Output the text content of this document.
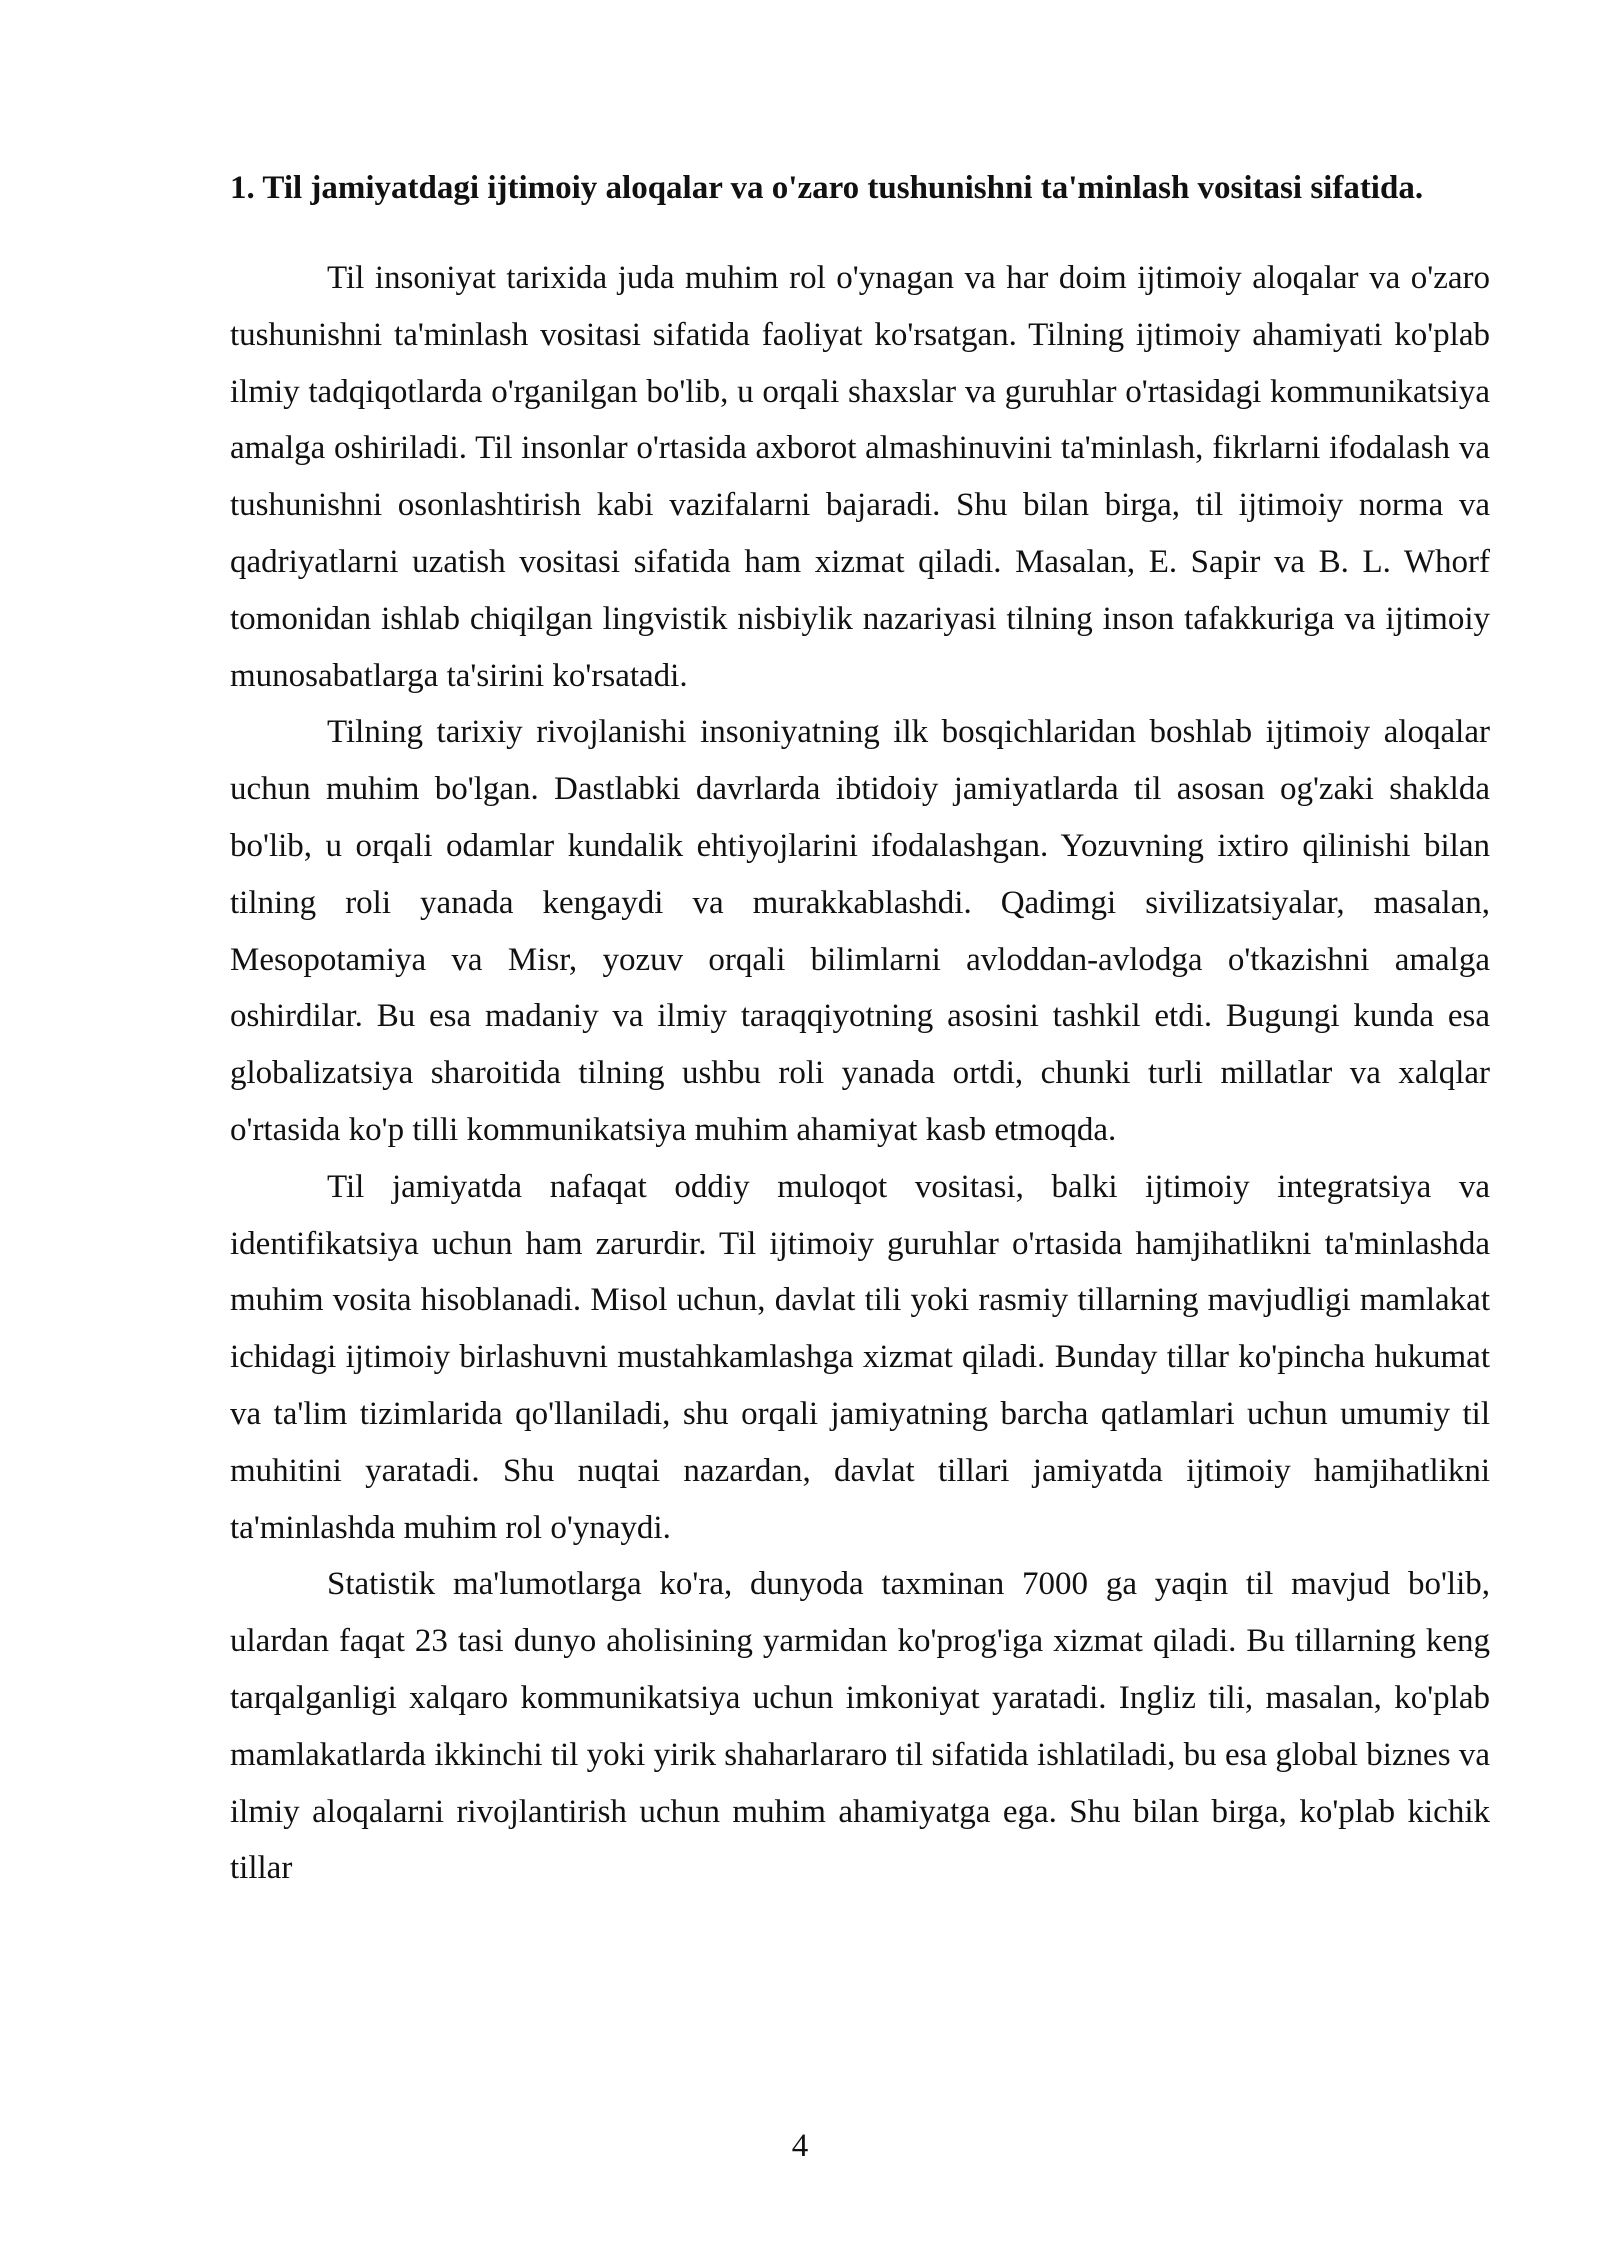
1. Til jamiyatdagi ijtimoiy aloqalar va o'zaro tushunishni ta'minlash vositasi sifatida.

Til insoniyat tarixida juda muhim rol o'ynagan va har doim ijtimoiy aloqalar va o'zaro tushunishni ta'minlash vositasi sifatida faoliyat ko'rsatgan. Tilning ijtimoiy ahamiyati ko'plab ilmiy tadqiqotlarda o'rganilgan bo'lib, u orqali shaxslar va guruhlar o'rtasidagi kommunikatsiya amalga oshiriladi. Til insonlar o'rtasida axborot almashinuvini ta'minlash, fikrlarni ifodalash va tushunishni osonlashtirish kabi vazifalarni bajaradi. Shu bilan birga, til ijtimoiy norma va qadriyatlarni uzatish vositasi sifatida ham xizmat qiladi. Masalan, E. Sapir va B. L. Whorf tomonidan ishlab chiqilgan lingvistik nisbiylik nazariyasi tilning inson tafakkuriga va ijtimoiy munosabatlarga ta'sirini ko'rsatadi.

Tilning tarixiy rivojlanishi insoniyatning ilk bosqichlaridan boshlab ijtimoiy aloqalar uchun muhim bo'lgan. Dastlabki davrlarda ibtidoiy jamiyatlarda til asosan og'zaki shaklda bo'lib, u orqali odamlar kundalik ehtiyojlarini ifodalashgan. Yozuvning ixtiro qilinishi bilan tilning roli yanada kengaydi va murakkablashdi. Qadimgi sivilizatsiyalar, masalan, Mesopotamiya va Misr, yozuv orqali bilimlarni avloddan-avlodga o'tkazishni amalga oshirdilar. Bu esa madaniy va ilmiy taraqqiyotning asosini tashkil etdi. Bugungi kunda esa globalizatsiya sharoitida tilning ushbu roli yanada ortdi, chunki turli millatlar va xalqlar o'rtasida ko'p tilli kommunikatsiya muhim ahamiyat kasb etmoqda.

Til jamiyatda nafaqat oddiy muloqot vositasi, balki ijtimoiy integratsiya va identifikatsiya uchun ham zarurdir. Til ijtimoiy guruhlar o'rtasida hamjihatlikni ta'minlashda muhim vosita hisoblanadi. Misol uchun, davlat tili yoki rasmiy tillarning mavjudligi mamlakat ichidagi ijtimoiy birlashuvni mustahkamlashga xizmat qiladi. Bunday tillar ko'pincha hukumat va ta'lim tizimlarida qo'llaniladi, shu orqali jamiyatning barcha qatlamlari uchun umumiy til muhitini yaratadi. Shu nuqtai nazardan, davlat tillari jamiyatda ijtimoiy hamjihatlikni ta'minlashda muhim rol o'ynaydi.

Statistik ma'lumotlarga ko'ra, dunyoda taxminan 7000 ga yaqin til mavjud bo'lib, ulardan faqat 23 tasi dunyo aholisining yarmidan ko'prog'iga xizmat qiladi. Bu tillarning keng tarqalganligi xalqaro kommunikatsiya uchun imkoniyat yaratadi. Ingliz tili, masalan, ko'plab mamlakatlarda ikkinchi til yoki yirik shaharlararo til sifatida ishlatiladi, bu esa global biznes va ilmiy aloqalarni rivojlantirish uchun muhim ahamiyatga ega. Shu bilan birga, ko'plab kichik tillar

4
